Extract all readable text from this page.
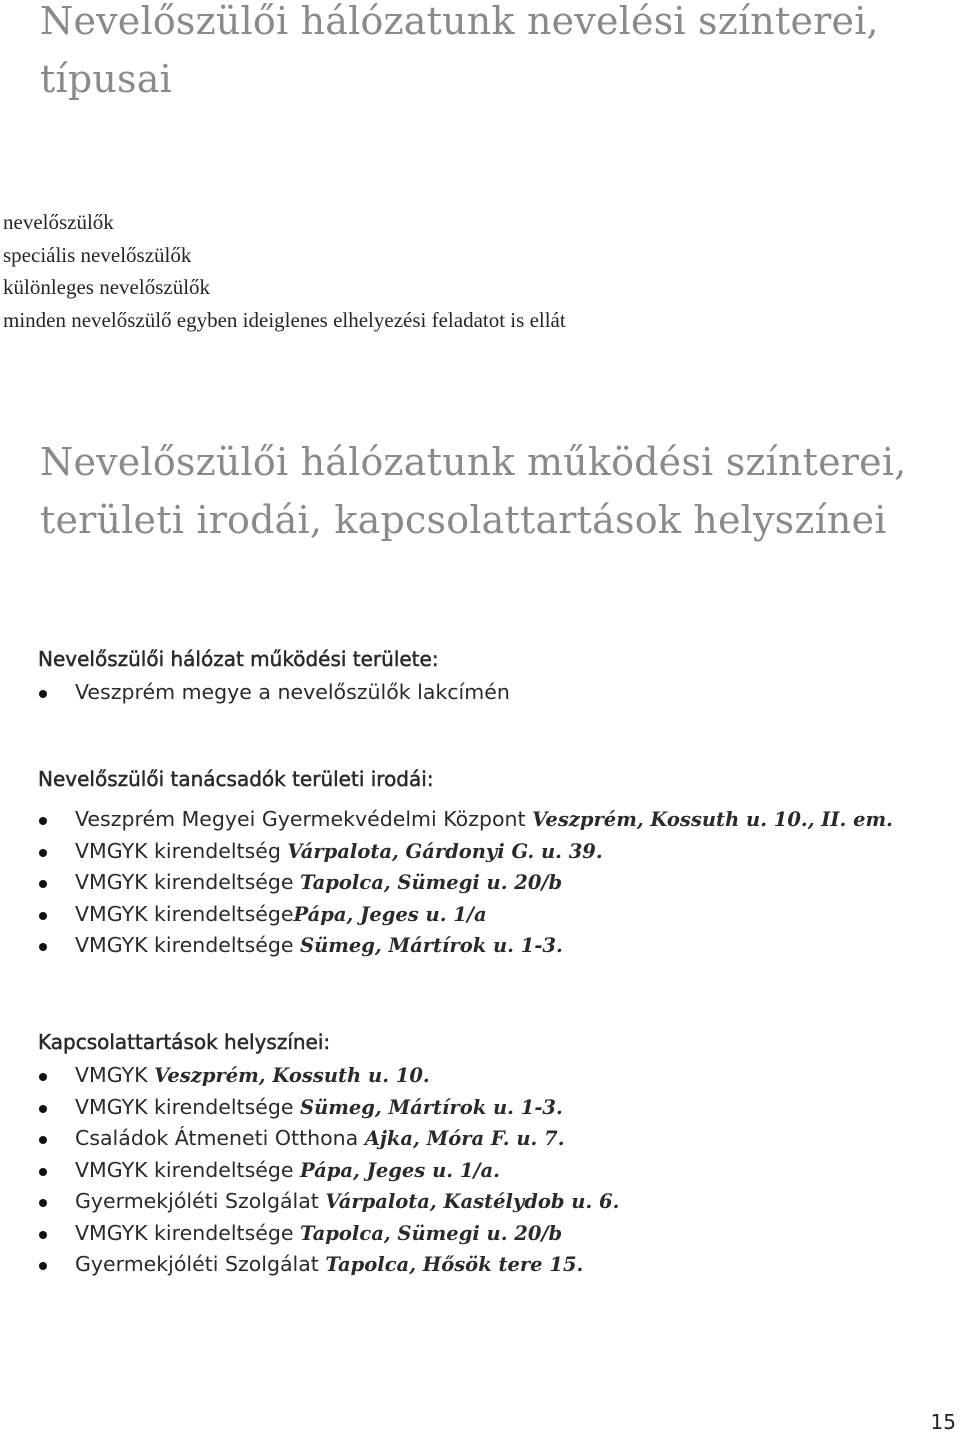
Nevelőszülői hálózatunk nevelési színterei, típusai
nevelőszülők
speciális nevelőszülők
különleges nevelőszülők
minden nevelőszülő egyben ideiglenes elhelyezési feladatot is ellát
Nevelőszülői hálózatunk működési színterei, területi irodái, kapcsolattartások helyszínei
Nevelőszülői hálózat működési területe:
Veszprém megye a nevelőszülők lakcímén
Nevelőszülői tanácsadók területi irodái:
Veszprém Megyei Gyermekvédelmi Központ Veszprém, Kossuth u. 10., II. em.
VMGYK kirendeltség Várpalota, Gárdonyi G. u. 39.
VMGYK kirendeltsége Tapolca, Sümegi u. 20/b
VMGYK kirendeltségePápa, Jeges u. 1/a
VMGYK kirendeltsége Sümeg, Mártírok u. 1-3.
Kapcsolattartások helyszínei:
VMGYK Veszprém, Kossuth u. 10.
VMGYK kirendeltsége Sümeg, Mártírok u. 1-3.
Családok Átmeneti Otthona Ajka, Móra F. u. 7.
VMGYK kirendeltsége Pápa, Jeges u. 1/a.
Gyermekjóléti Szolgálat Várpalota, Kastélydob u. 6.
VMGYK kirendeltsége Tapolca, Sümegi u. 20/b
Gyermekjóléti Szolgálat Tapolca, Hősök tere 15.
15
